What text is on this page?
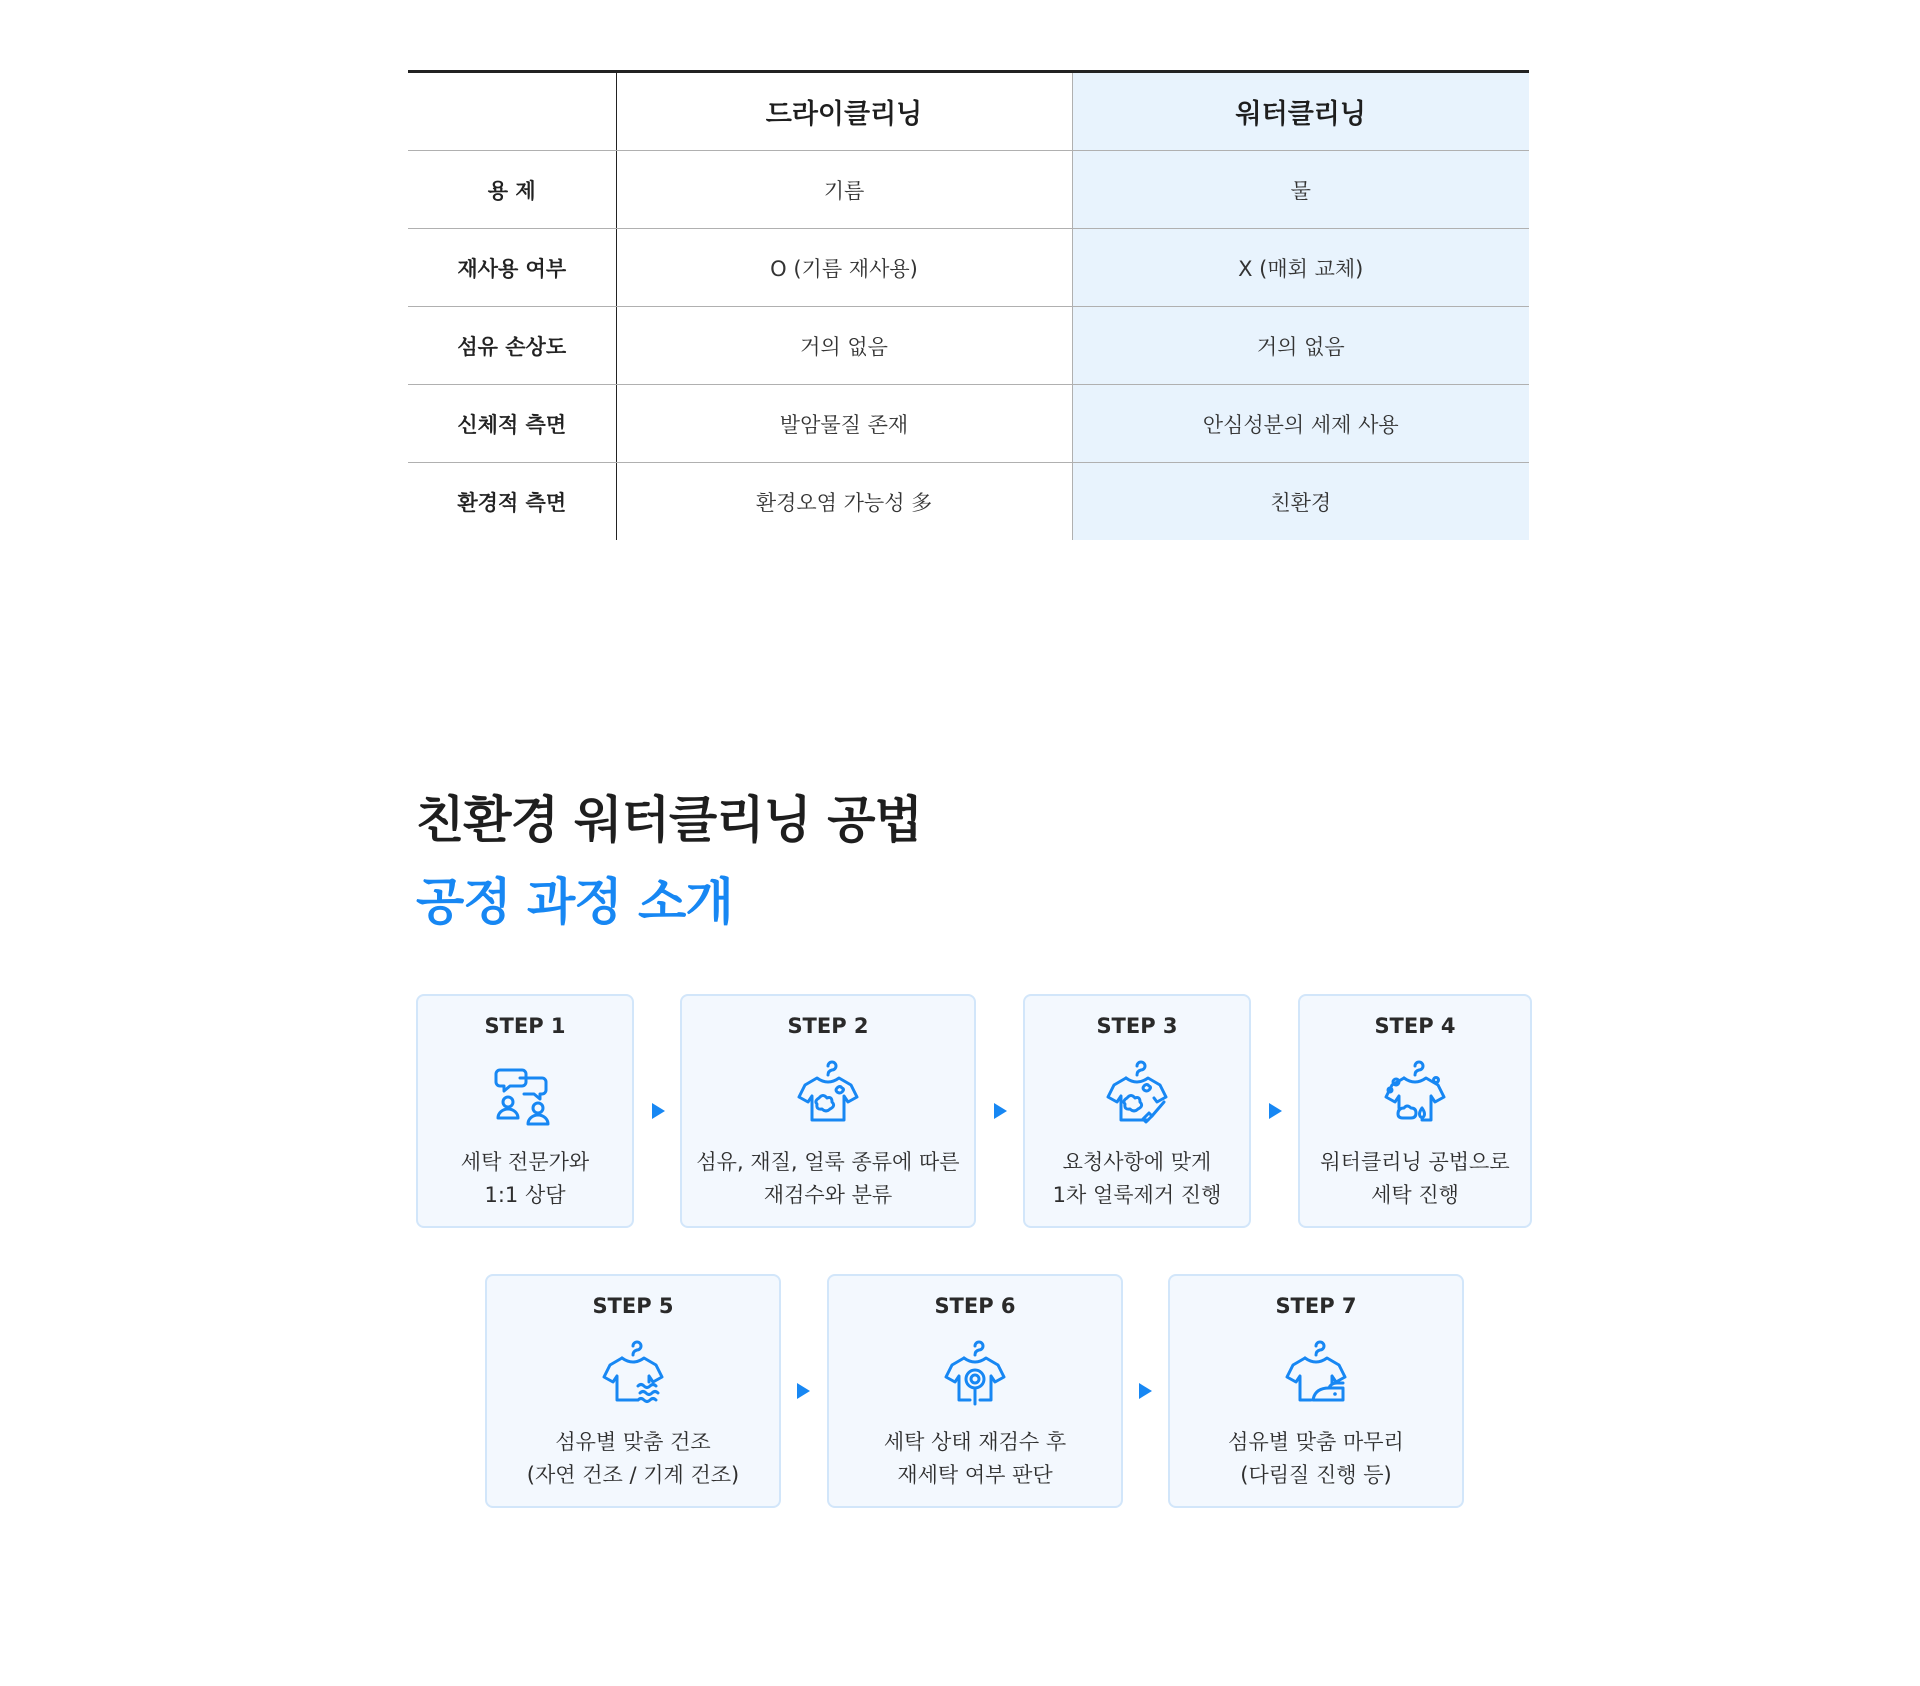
	드라이클리닝	워터클리닝
용 제	기름	물
재사용 여부	O (기름 재사용)	X (매회 교체)
섬유 손상도	거의 없음	거의 없음
신체적 측면	발암물질 존재	안심성분의 세제 사용
환경적 측면	환경오염 가능성 多	친환경
친환경 워터클리닝 공법
공정 과정 소개
STEP 1
세탁 전문가와
1:1 상담
STEP 2
섬유, 재질, 얼룩 종류에 따른
재검수와 분류
STEP 3
요청사항에 맞게
1차 얼룩제거 진행
STEP 4
워터클리닝 공법으로
세탁 진행
STEP 5
섬유별 맞춤 건조
(자연 건조 / 기계 건조)
STEP 6
세탁 상태 재검수 후
재세탁 여부 판단
STEP 7
섬유별 맞춤 마무리
(다림질 진행 등)
